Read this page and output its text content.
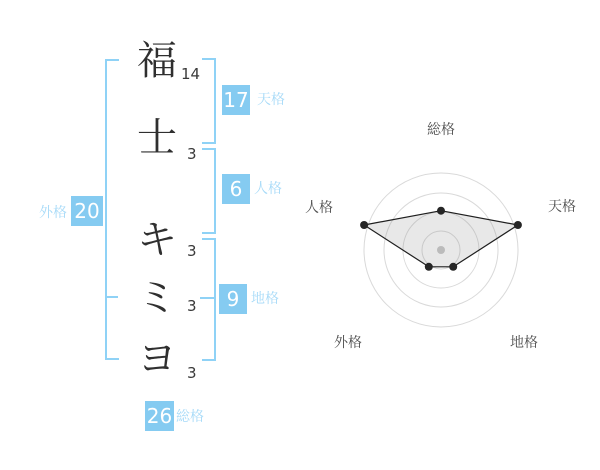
福
士
キ
ミ
ヨ
14
3
3
3
3
17 天格
6 人格
9 地格
外格 20
26 総格
総格
天格
地格
外格
人格
